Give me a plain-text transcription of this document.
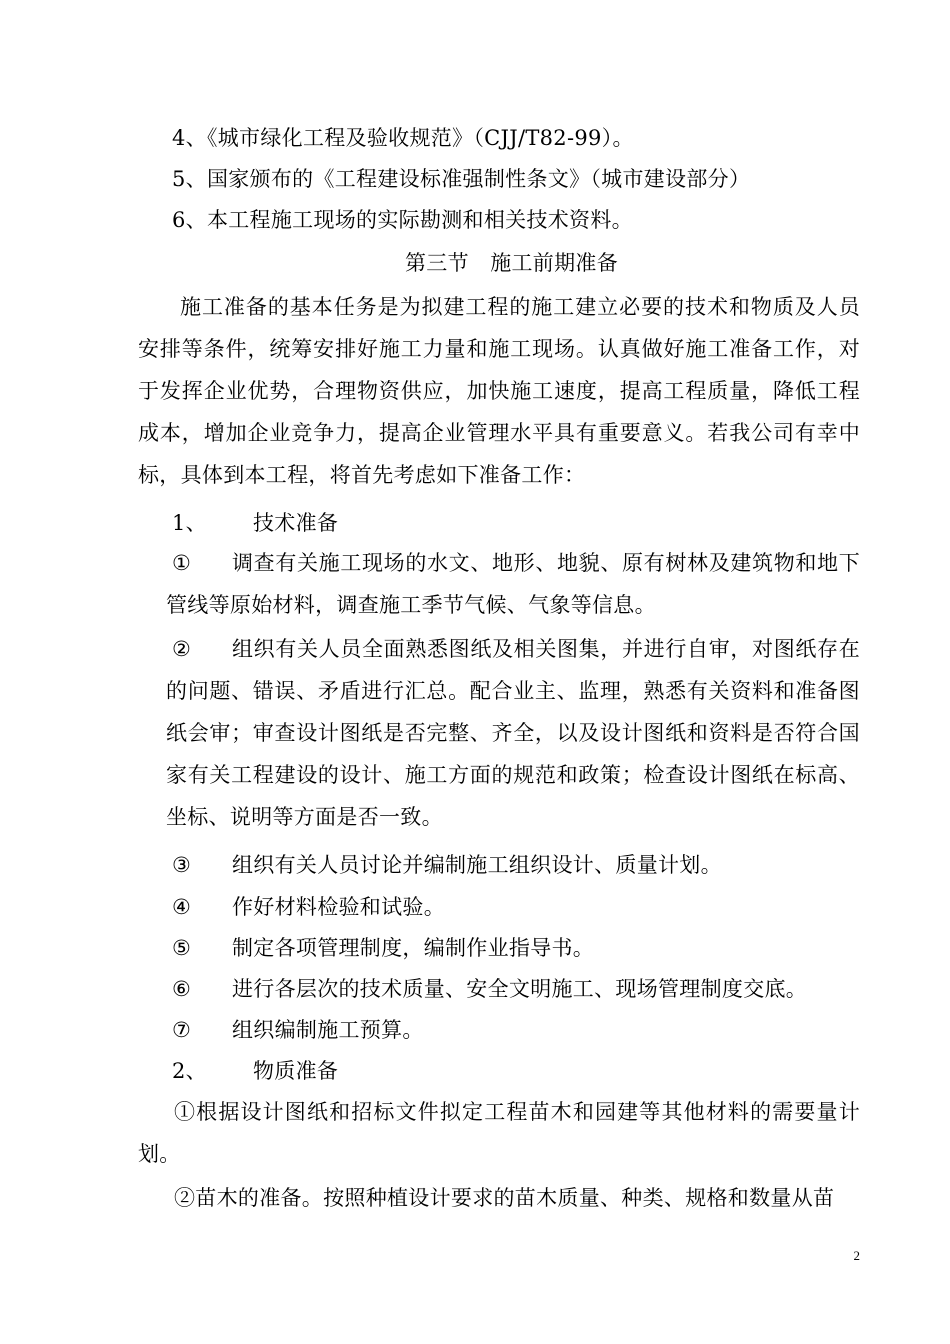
4、《城市绿化工程及验收规范》（CJJ/T82-99）。
5、国家颁布的《工程建设标准强制性条文》（城市建设部分）
6、本工程施工现场的实际勘测和相关技术资料。
第三节　施工前期准备
施工准备的基本任务是为拟建工程的施工建立必要的技术和物质及人员安排等条件，统筹安排好施工力量和施工现场。认真做好施工准备工作，对于发挥企业优势，合理物资供应，加快施工速度，提高工程质量，降低工程成本，增加企业竞争力，提高企业管理水平具有重要意义。若我公司有幸中标，具体到本工程，将首先考虑如下准备工作：
1、 技术准备
①	调查有关施工现场的水文、地形、地貌、原有树林及建筑物和地下管线等原始材料，调查施工季节气候、气象等信息。
②	组织有关人员全面熟悉图纸及相关图集，并进行自审，对图纸存在的问题、错误、矛盾进行汇总。配合业主、监理，熟悉有关资料和准备图纸会审；审查设计图纸是否完整、齐全，以及设计图纸和资料是否符合国家有关工程建设的设计、施工方面的规范和政策；检查设计图纸在标高、坐标、说明等方面是否一致。
③ 组织有关人员讨论并编制施工组织设计、质量计划。
④ 作好材料检验和试验。
⑤ 制定各项管理制度，编制作业指导书。
⑥ 进行各层次的技术质量、安全文明施工、现场管理制度交底。
⑦ 组织编制施工预算。
2、 物质准备
①根据设计图纸和招标文件拟定工程苗木和园建等其他材料的需要量计划。
②苗木的准备。按照种植设计要求的苗木质量、种类、规格和数量从苗
2
